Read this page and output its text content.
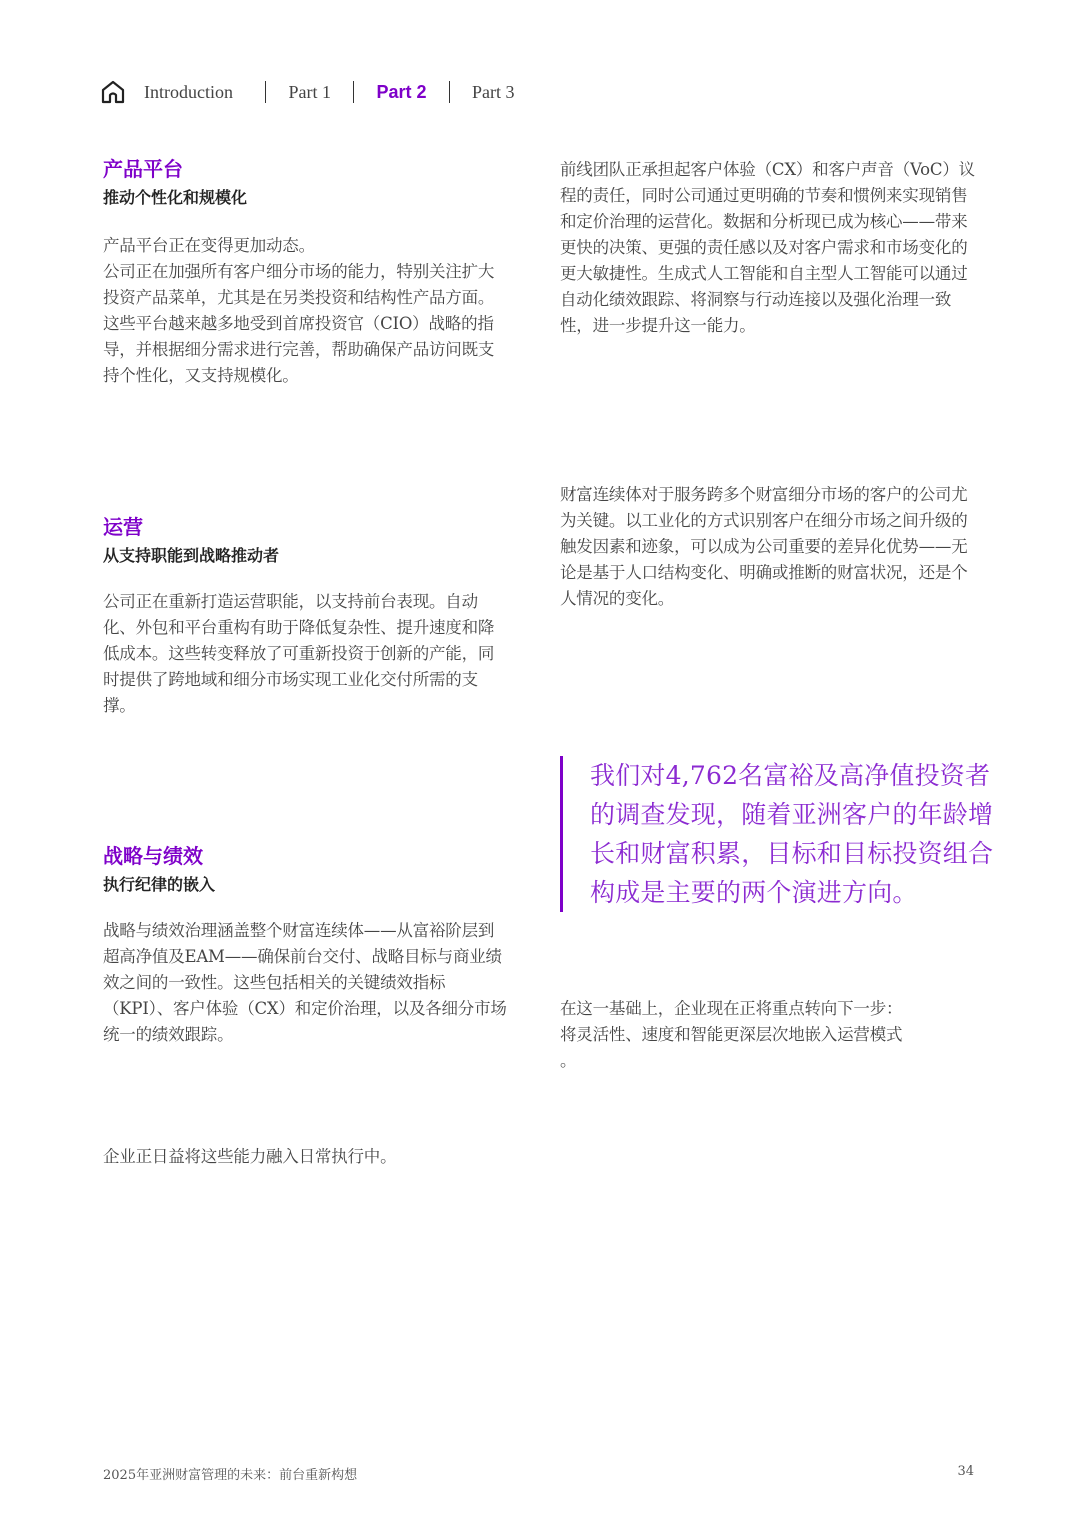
Introduction	Part 1	Part 2	Part 3
产品平台
推动个性化和规模化
产品平台正在变得更加动态。
公司正在加强所有客户细分市场的能力，特别关注扩大投资产品菜单，尤其是在另类投资和结构性产品方面。这些平台越来越多地受到首席投资官（CIO）战略的指导，并根据细分需求进行完善，帮助确保产品访问既支持个性化，又支持规模化。
前线团队正承担起客户体验（CX）和客户声音（VoC）议程的责任，同时公司通过更明确的节奏和惯例来实现销售和定价治理的运营化。数据和分析现已成为核心——带来更快的决策、更强的责任感以及对客户需求和市场变化的更大敏捷性。生成式人工智能和自主型人工智能可以通过自动化绩效跟踪、将洞察与行动连接以及强化治理一致性，进一步提升这一能力。
财富连续体对于服务跨多个财富细分市场的客户的公司尤为关键。以工业化的方式识别客户在细分市场之间升级的触发因素和迹象，可以成为公司重要的差异化优势——无论是基于人口结构变化、明确或推断的财富状况，还是个人情况的变化。
运营
从支持职能到战略推动者
公司正在重新打造运营职能，以支持前台表现。自动化、外包和平台重构有助于降低复杂性、提升速度和降低成本。这些转变释放了可重新投资于创新的产能，同时提供了跨地域和细分市场实现工业化交付所需的支撑。
我们对4,762名富裕及高净值投资者的调查发现，随着亚洲客户的年龄增长和财富积累，目标和目标投资组合构成是主要的两个演进方向。
战略与绩效
执行纪律的嵌入
战略与绩效治理涵盖整个财富连续体——从富裕阶层到超高净值及EAM——确保前台交付、战略目标与商业绩效之间的一致性。这些包括相关的关键绩效指标（KPI）、客户体验（CX）和定价治理，以及各细分市场统一的绩效跟踪。
在这一基础上，企业现在正将重点转向下一步：
将灵活性、速度和智能更深层次地嵌入运营模式
。
企业正日益将这些能力融入日常执行中。
2025年亚洲财富管理的未来：前台重新构想	34
